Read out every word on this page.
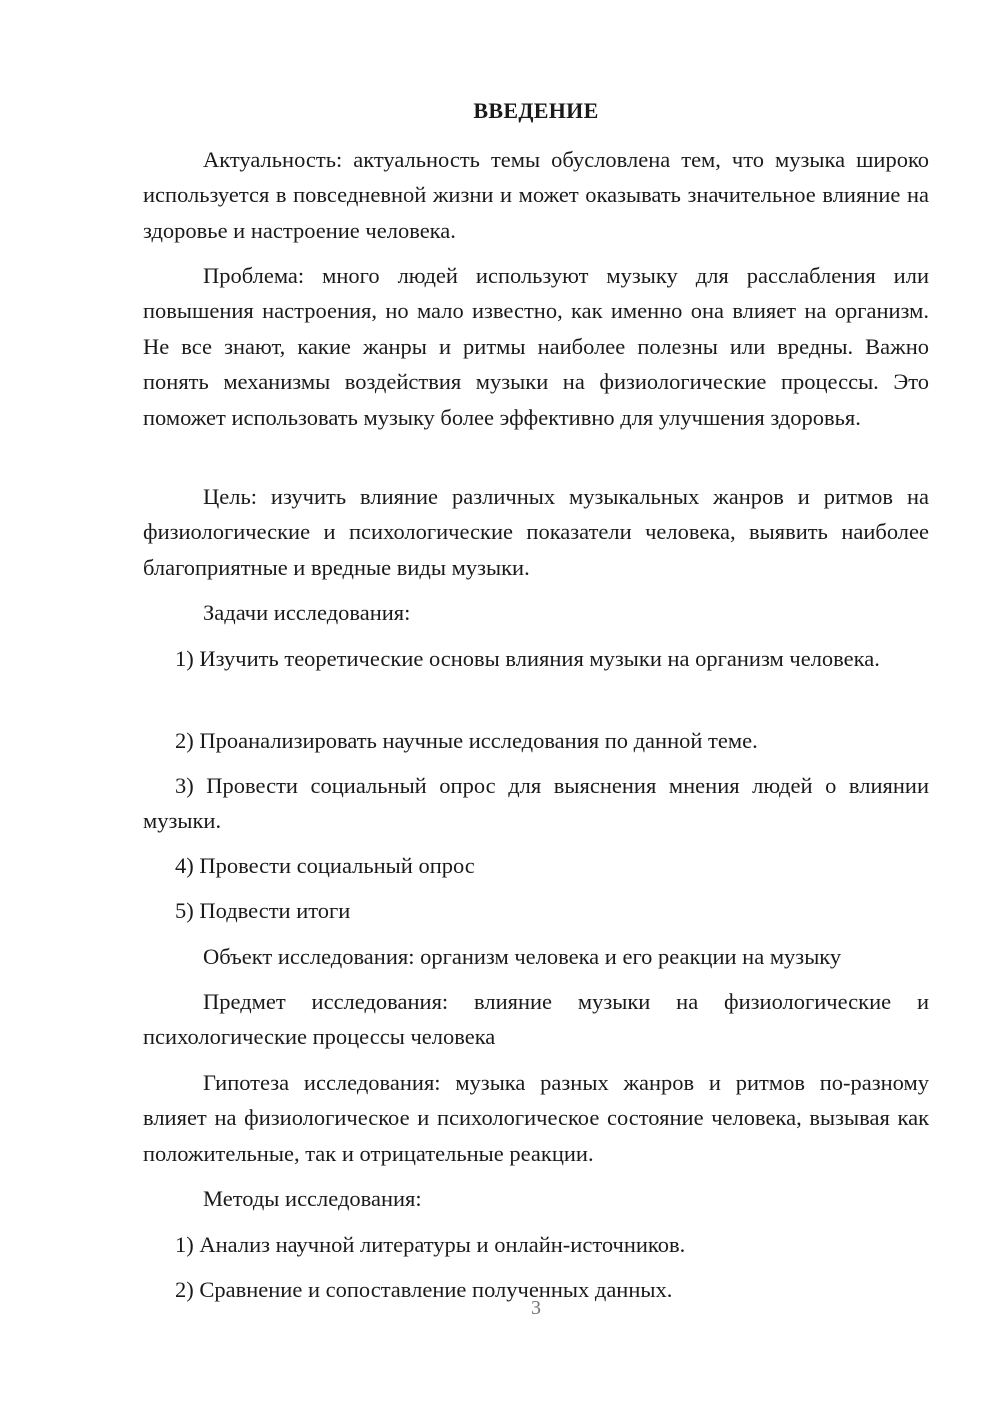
ВВЕДЕНИЕ

Актуальность: актуальность темы обусловлена тем, что музыка широко используется в повседневной жизни и может оказывать значительное влияние на здоровье и настроение человека.

Проблема: много людей используют музыку для расслабления или повышения настроения, но мало известно, как именно она влияет на организм. Не все знают, какие жанры и ритмы наиболее полезны или вредны. Важно понять механизмы воздействия музыки на физиологические процессы. Это поможет использовать музыку более эффективно для улучшения здоровья.

Цель: изучить влияние различных музыкальных жанров и ритмов на физиологические и психологические показатели человека, выявить наиболее благоприятные и вредные виды музыки.

Задачи исследования:

1) Изучить теоретические основы влияния музыки на организм человека.

2) Проанализировать научные исследования по данной теме.

3) Провести социальный опрос для выяснения мнения людей о влиянии музыки.

4) Провести социальный опрос

5) Подвести итоги

Объект исследования: организм человека и его реакции на музыку

Предмет исследования: влияние музыки на физиологические и психологические процессы человека

Гипотеза исследования: музыка разных жанров и ритмов по-разному влияет на физиологическое и психологическое состояние человека, вызывая как положительные, так и отрицательные реакции.

Методы исследования:

1) Анализ научной литературы и онлайн-источников.

2) Сравнение и сопоставление полученных данных.

3
